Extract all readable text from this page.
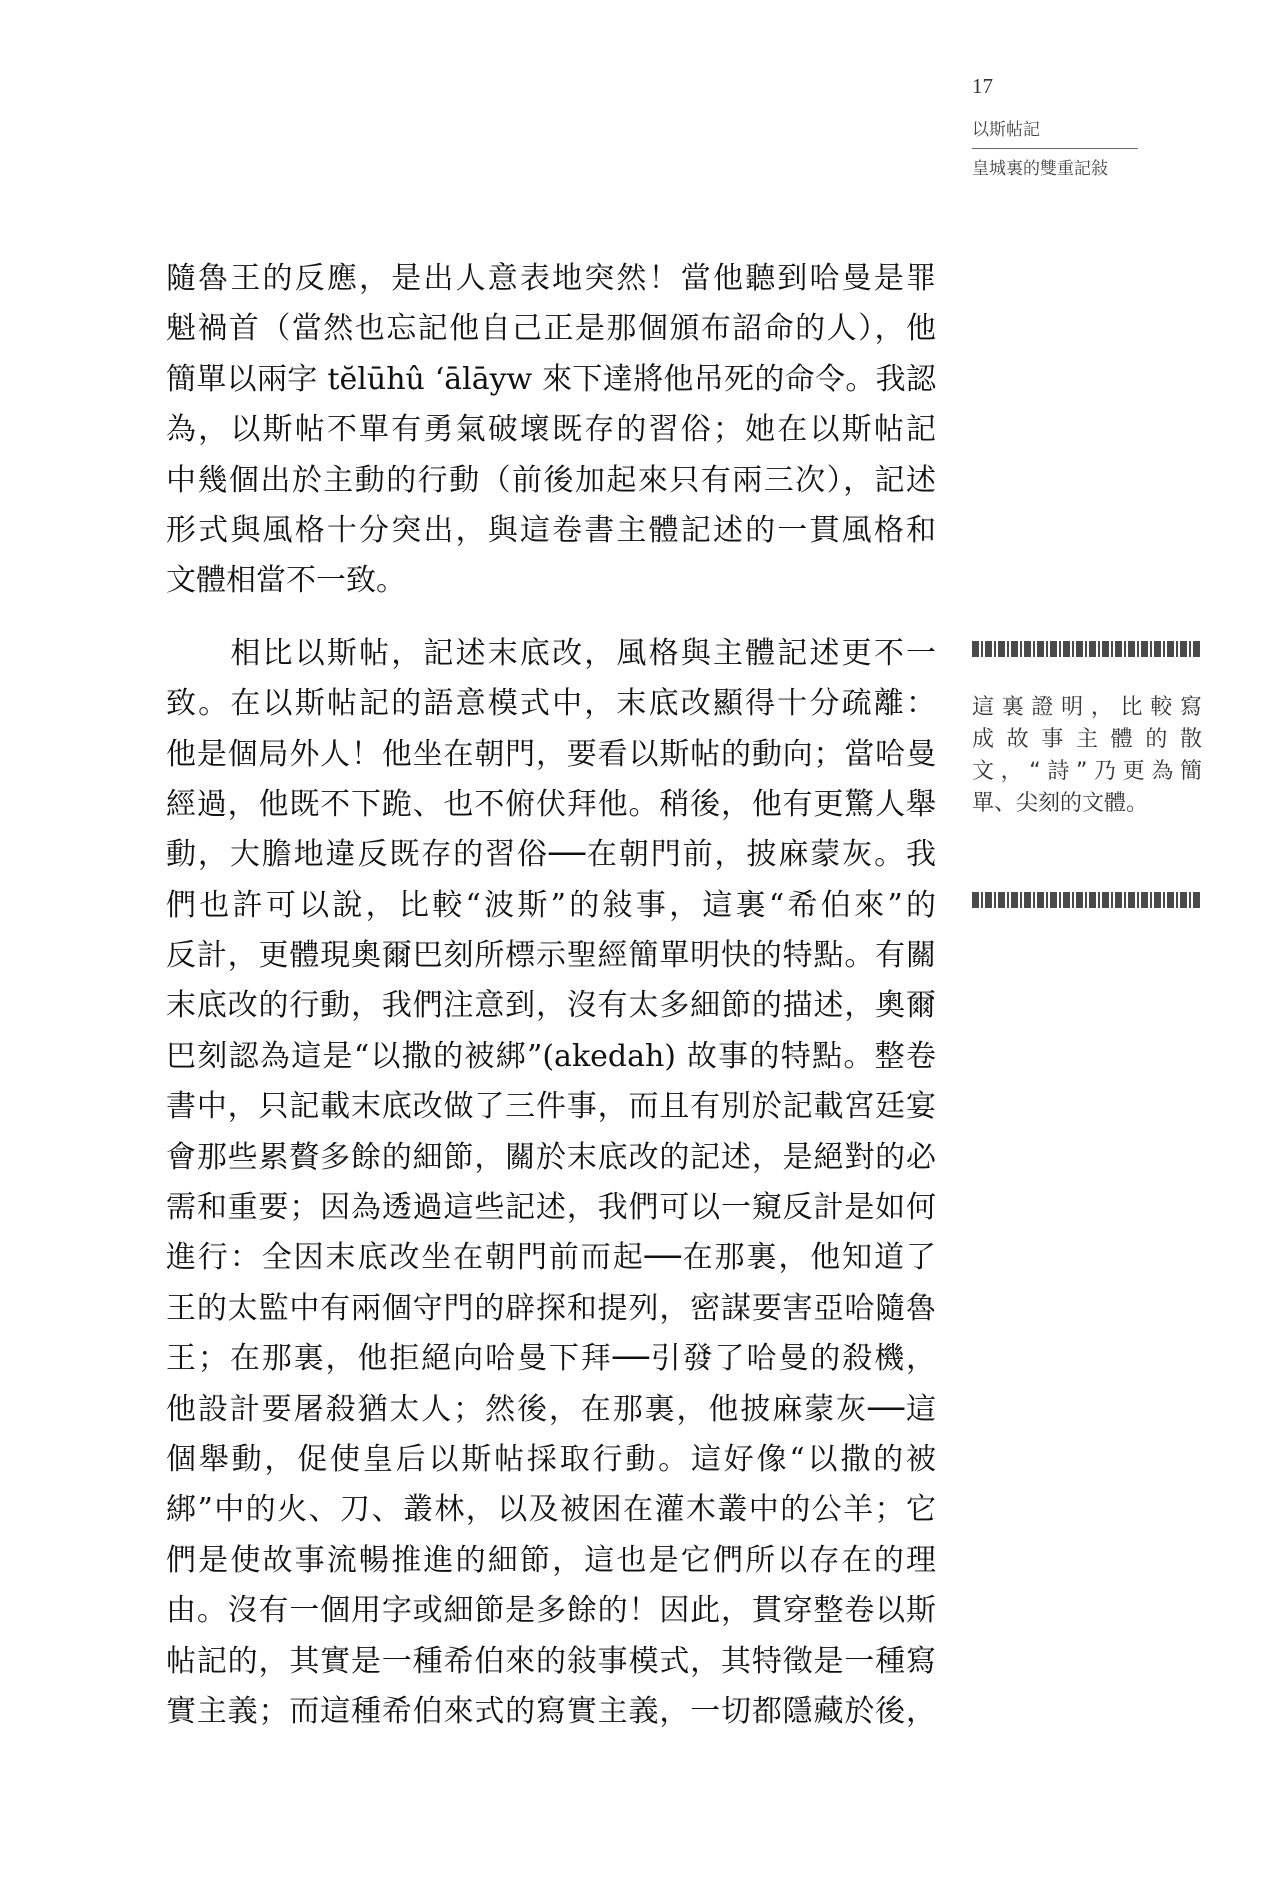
17
以斯帖記
皇城裏的雙重記敍
隨魯王的反應，是出人意表地突然！當他聽到哈曼是罪
魁禍首（當然也忘記他自己正是那個頒布詔命的人），他
簡單以兩字 tĕlūhû ‘ālāyw 來下達將他吊死的命令。我認
為，以斯帖不單有勇氣破壞既存的習俗；她在以斯帖記
中幾個出於主動的行動（前後加起來只有兩三次），記述
形式與風格十分突出，與這卷書主體記述的一貫風格和
文體相當不一致。
　　相比以斯帖，記述末底改，風格與主體記述更不一
致。在以斯帖記的語意模式中，末底改顯得十分疏離：
他是個局外人！他坐在朝門，要看以斯帖的動向；當哈曼
經過，他既不下跪、也不俯伏拜他。稍後，他有更驚人舉
動，大膽地違反既存的習俗──在朝門前，披麻蒙灰。我
們也許可以說，比較“波斯”的敍事，這裏“希伯來”的
反計，更體現奧爾巴刻所標示聖經簡單明快的特點。有關
末底改的行動，我們注意到，沒有太多細節的描述，奧爾
巴刻認為這是“以撒的被綁”(akedah) 故事的特點。整卷
書中，只記載末底改做了三件事，而且有別於記載宮廷宴
會那些累贅多餘的細節，關於末底改的記述，是絕對的必
需和重要；因為透過這些記述，我們可以一窺反計是如何
進行：全因末底改坐在朝門前而起──在那裏，他知道了
王的太監中有兩個守門的辟探和提列，密謀要害亞哈隨魯
王；在那裏，他拒絕向哈曼下拜──引發了哈曼的殺機，
他設計要屠殺猶太人；然後，在那裏，他披麻蒙灰──這
個舉動，促使皇后以斯帖採取行動。這好像“以撒的被
綁”中的火、刀、叢林，以及被困在灌木叢中的公羊；它
們是使故事流暢推進的細節，這也是它們所以存在的理
由。沒有一個用字或細節是多餘的！因此，貫穿整卷以斯
帖記的，其實是一種希伯來的敍事模式，其特徵是一種寫
實主義；而這種希伯來式的寫實主義，一切都隱藏於後，
這裏證明，比較寫
成故事主體的散
文，“詩”乃更為簡
單、尖刻的文體。
